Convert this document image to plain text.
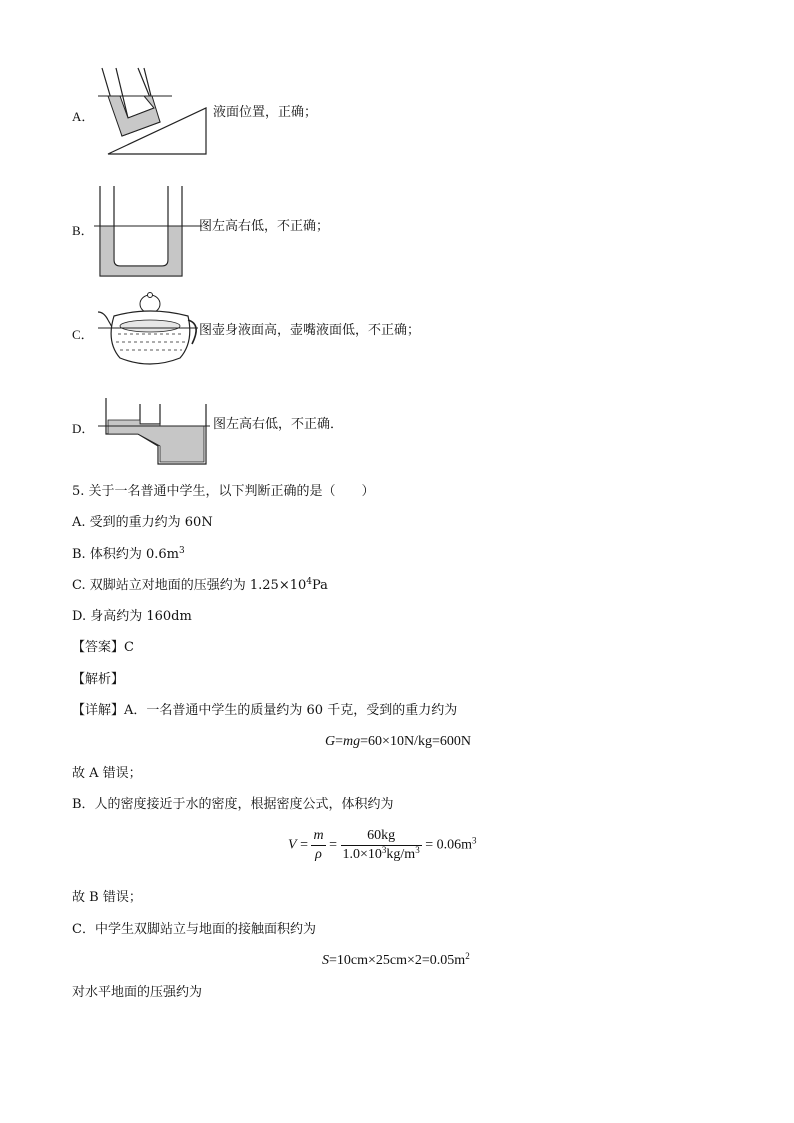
A．	液面位置，正确；
B．	图左高右低，不正确；
C．	图壶身液面高，壶嘴液面低，不正确；
D．	图左高右低，不正确．
5. 关于一名普通中学生，以下判断正确的是（　　）
A. 受到的重力约为 60N
B. 体积约为 $0.6m^3$
C. 双脚站立对地面的压强约为 $1.25\times 10^4Pa$
D. 身高约为 160dm
【答案】C
【解析】
【详解】A．一名普通中学生的质量约为 60 千克，受到的重力约为
G=mg=60×10N/kg=600N
故 A 错误；
B．人的密度接近于水的密度，根据密度公式，体积约为
$V = \frac{m}{\rho} = \frac{60kg}{1.0\times 10^3kg/m^3} = 0.06m^3$
故 B 错误；
C．中学生双脚站立与地面的接触面积约为
$S=10cm\times 25cm\times 2=0.05m^2$
对水平地面的压强约为
